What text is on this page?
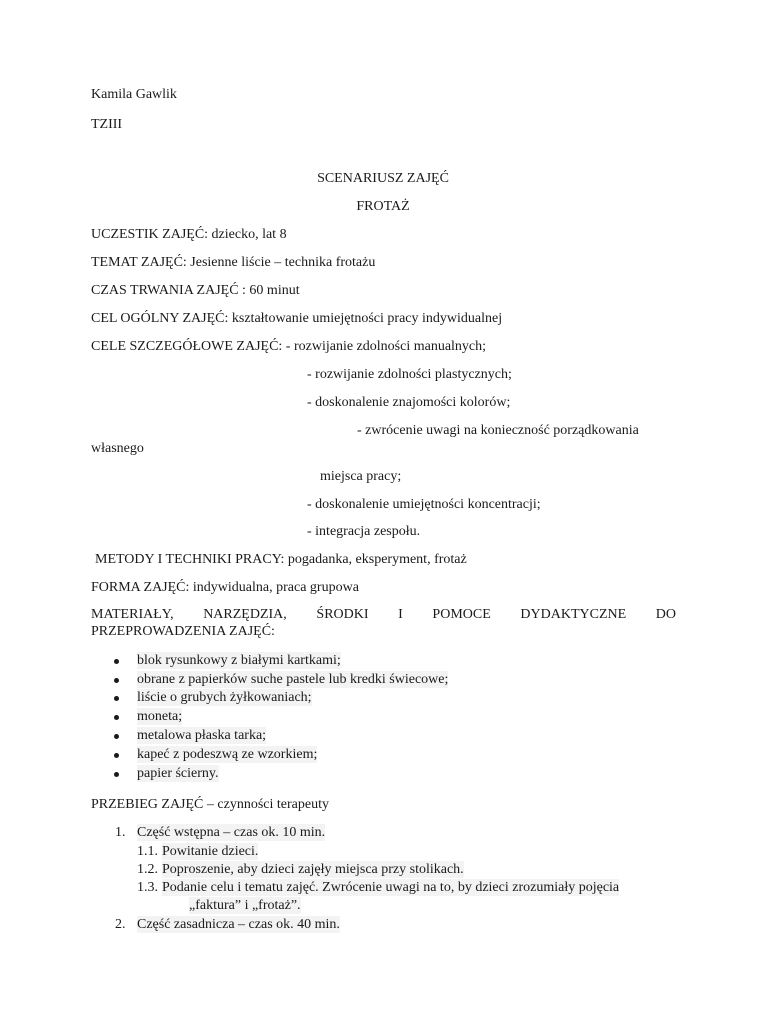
Kamila Gawlik
TZIII
SCENARIUSZ ZAJĘĆ
FROTAŻ
UCZESTIK ZAJĘĆ: dziecko, lat 8
TEMAT ZAJĘĆ: Jesienne liście – technika frotażu
CZAS TRWANIA ZAJĘĆ : 60 minut
CEL OGÓLNY ZAJĘĆ: kształtowanie umiejętności pracy indywidualnej
CELE SZCZEGÓŁOWE ZAJĘĆ: - rozwijanie zdolności manualnych;
- rozwijanie zdolności plastycznych;
- doskonalenie znajomości kolorów;
- zwrócenie uwagi na konieczność porządkowania
własnego
miejsca pracy;
- doskonalenie umiejętności koncentracji;
- integracja zespołu.
METODY I TECHNIKI PRACY: pogadanka, eksperyment, frotaż
FORMA ZAJĘĆ: indywidualna, praca grupowa
MATERIAŁY, NARZĘDZIA, ŚRODKI I POMOCE DYDAKTYCZNE DO
PRZEPROWADZENIA ZAJĘĆ:
blok rysunkowy z białymi kartkami;
obrane z papierków suche pastele lub kredki świecowe;
liście o grubych żyłkowaniach;
moneta;
metalowa płaska tarka;
kapeć z podeszwą ze wzorkiem;
papier ścierny.
PRZEBIEG ZAJĘĆ – czynności terapeuty
1. Część wstępna – czas ok. 10 min.
1.1. Powitanie dzieci.
1.2. Poproszenie, aby dzieci zajęły miejsca przy stolikach.
1.3. Podanie celu i tematu zajęć. Zwrócenie uwagi na to, by dzieci zrozumiały pojęcia
„faktura” i „frotaż”.
2. Część zasadnicza – czas ok. 40 min.
